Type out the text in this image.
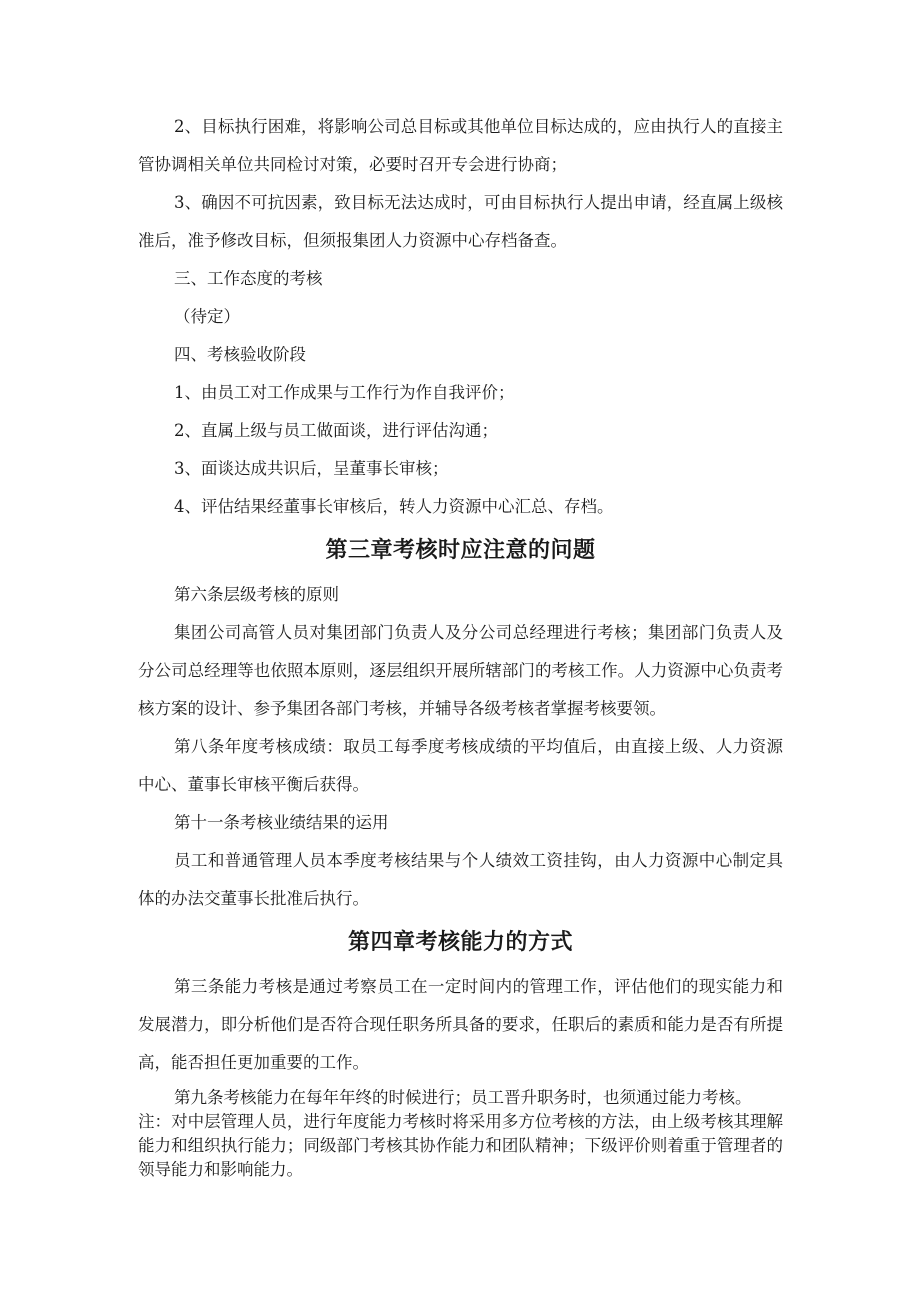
2、目标执行困难，将影响公司总目标或其他单位目标达成的，应由执行人的直接主管协调相关单位共同检讨对策，必要时召开专会进行协商；

3、确因不可抗因素，致目标无法达成时，可由目标执行人提出申请，经直属上级核准后，准予修改目标，但须报集团人力资源中心存档备查。

三、工作态度的考核

（待定）

四、考核验收阶段

1、由员工对工作成果与工作行为作自我评价；

2、直属上级与员工做面谈，进行评估沟通；

3、面谈达成共识后，呈董事长审核；

4、评估结果经董事长审核后，转人力资源中心汇总、存档。

第三章考核时应注意的问题

第六条层级考核的原则

集团公司高管人员对集团部门负责人及分公司总经理进行考核；集团部门负责人及分公司总经理等也依照本原则，逐层组织开展所辖部门的考核工作。人力资源中心负责考核方案的设计、参予集团各部门考核，并辅导各级考核者掌握考核要领。

第八条年度考核成绩：取员工每季度考核成绩的平均值后，由直接上级、人力资源中心、董事长审核平衡后获得。

第十一条考核业绩结果的运用

员工和普通管理人员本季度考核结果与个人绩效工资挂钩，由人力资源中心制定具体的办法交董事长批准后执行。

第四章考核能力的方式

第三条能力考核是通过考察员工在一定时间内的管理工作，评估他们的现实能力和发展潜力，即分析他们是否符合现任职务所具备的要求，任职后的素质和能力是否有所提高，能否担任更加重要的工作。

第九条考核能力在每年年终的时候进行；员工晋升职务时，也须通过能力考核。

注：对中层管理人员，进行年度能力考核时将采用多方位考核的方法，由上级考核其理解能力和组织执行能力；同级部门考核其协作能力和团队精神；下级评价则着重于管理者的领导能力和影响能力。
